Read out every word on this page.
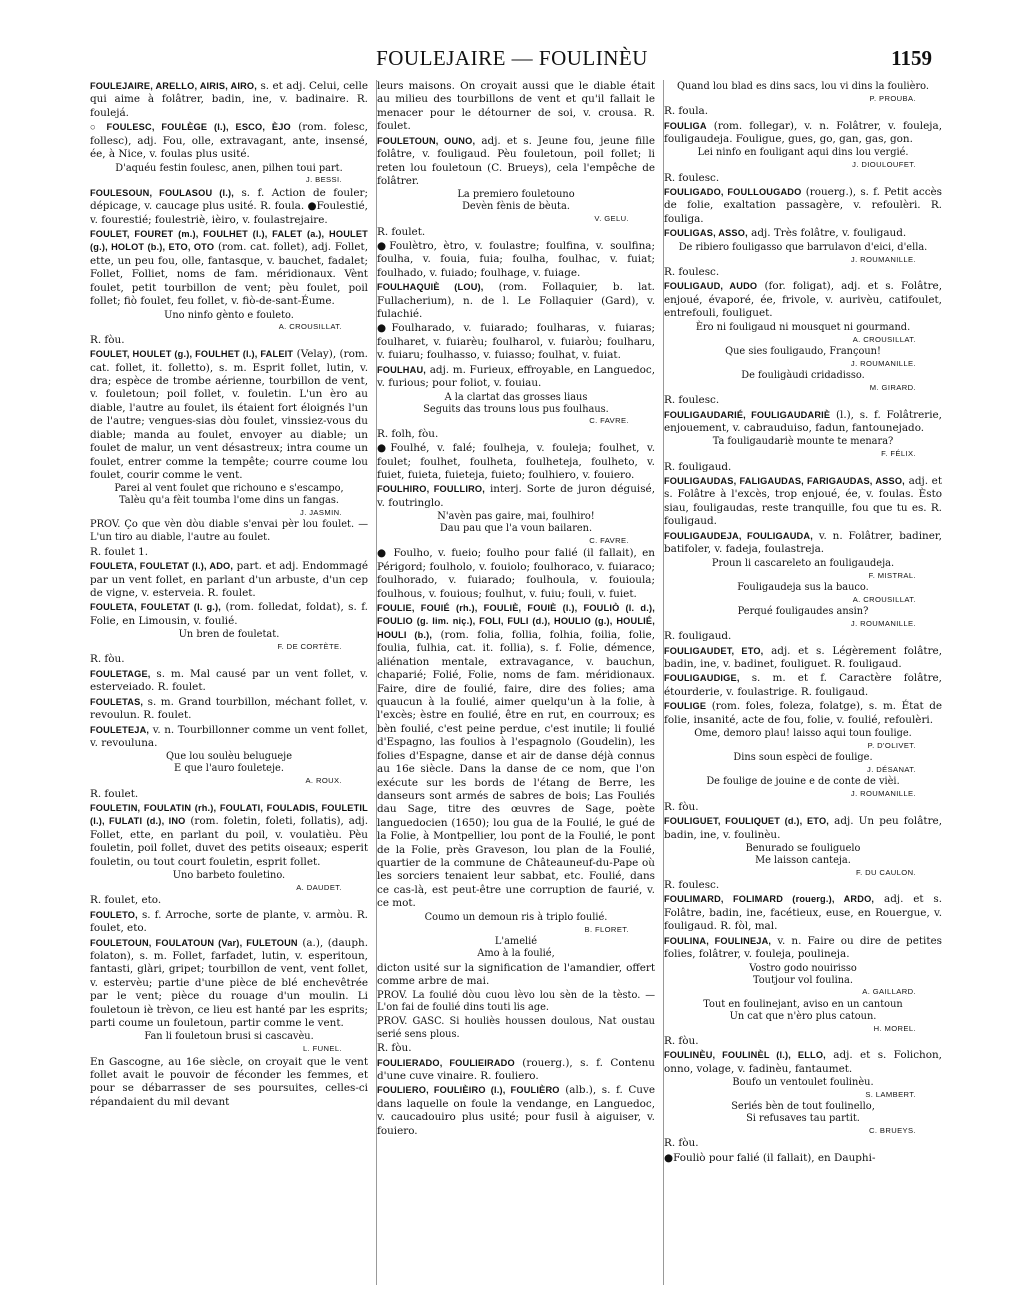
FOULEJAIRE — FOULINÈU	1159

FOULEJAIRE, ARELLO, AIRIS, AIRO, s. et adj. Celui, celle qui aime à folâtrer, badin, ine, v. badinaire. R. foulejá.

○ FOULESC, FOULÈGE (l.), ESCO, ÈJO (rom. folesc, follesc), adj. Fou, olle, extravagant, ante, insensé, ée, à Nice, v. foulas plus usité.

D'aquéu festin foulesc, anen, pilhen toui part.
J. BESSI.

FOULESOUN, FOULASOU (l.), s. f. Action de fouler; dépicage, v. caucage plus usité. R. foula. ●Foulestié, v. fourestié; foulestriè, ièiro, v. foulastrejaire.

FOULET, FOURET (m.), FOULHET (l.), FALET (a.), HOULET (g.), HOLOT (b.), ETO, OTO (rom. cat. follet), adj. Follet, ette, un peu fou, olle, fantasque, v. bauchet, fadalet; Follet, Folliet, noms de fam. méridionaux. Vènt foulet, petit tourbillon de vent; pèu foulet, poil follet; fiò foulet, feu follet, v. fiò-de-sant-Éume.

Uno ninfo gènto e fouleto.
A. CROUSILLAT.
R. fòu.

FOULET, HOULET (g.), FOULHET (l.), FALEIT (Velay), (rom. cat. follet, it. folletto), s. m. Esprit follet, lutin, v. dra; espèce de trombe aérienne, tourbillon de vent, v. fouletoun; poil follet, v. fouletin. L'un èro au diable, l'autre au foulet, ils étaient fort éloignés l'un de l'autre; vengues-sias dòu foulet, vinssiez-vous du diable; manda au foulet, envoyer au diable; un foulet de malur, un vent désastreux; intra coume un foulet, entrer comme la tempête; courre coume lou foulet, courir comme le vent.

Parei al vent foulet que richouno e s'escampo,
Talèu qu'a fèit toumba l'ome dins un fangas.
J. JASMIN.

PROV. Ço que vèn dòu diable s'envai pèr lou foulet. — L'un tiro au diable, l'autre au foulet.

R. foulet 1.

FOULETA, FOULETAT (l.), ADO, part. et adj. Endommagé par un vent follet, en parlant d'un arbuste, d'un cep de vigne, v. esterveia. R. foulet.

FOULETA, FOULETAT (l. g.), (rom. folledat, foldat), s. f. Folie, en Limousin, v. foulié.

Un bren de fouletat.
F. DE CORTÈTE.
R. fòu.

FOULETAGE, s. m. Mal causé par un vent follet, v. esterveiado. R. foulet.

FOULETAS, s. m. Grand tourbillon, méchant follet, v. revoulun. R. foulet.

FOULETEJA, v. n. Tourbillonner comme un vent follet, v. revouluna.

Que lou soulèu belugueje
E que l'auro fouleteje.
A. ROUX.
R. foulet.

FOULETIN, FOULATIN (rh.), FOULATI, FOULADIS, FOULETIL (l.), FULATI (d.), INO (rom. foletin, foleti, follatis), adj. Follet, ette, en parlant du poil, v. voulatièu. Pèu fouletin, poil follet, duvet des petits oiseaux; esperit fouletin, ou tout court fouletin, esprit follet.

Uno barbeto fouletino.
A. DAUDET.
R. foulet, eto.

FOULETO, s. f. Arroche, sorte de plante, v. armòu. R. foulet, eto.

FOULETOUN, FOULATOUN (Var), FULETOUN (a.), (dauph. folaton), s. m. Follet, farfadet, lutin, v. esperitoun, fantasti, glàri, gripet; tourbillon de vent, vent follet, v. estervèu; partie d'une pièce de blé enchevêtrée par le vent; pièce du rouage d'un moulin. Li fouletoun iè trèvon, ce lieu est hanté par les esprits; parti coume un fouletoun, partir comme le vent.

Fan li fouletoun brusi si cascavèu.
L. FUNEL.

En Gascogne, au 16e siècle, on croyait que le vent follet avait le pouvoir de féconder les femmes, et pour se débarrasser de ses poursuites, celles-ci répandaient du mil devant

leurs maisons. On croyait aussi que le diable était au milieu des tourbillons de vent et qu'il fallait le menacer pour le détourner de soi, v. crousa. R. foulet.

FOULETOUN, OUNO, adj. et s. Jeune fou, jeune fille folâtre, v. fouligaud. Pèu fouletoun, poil follet; li reten lou fouletoun (C. Brueys), cela l'empêche de folâtrer.

La premiero fouletouno
Devèn fènis de bèuta.
V. GELU.
R. foulet.

●Foulètro, ètro, v. foulastre; foulfina, v. soulfina; foulha, v. fouia, fuia; foulha, foulhac, v. fuiat; foulhado, v. fuiado; foulhage, v. fuiage.

FOULHAQUIÈ (LOU), (rom. Follaquier, b. lat. Fullacherium), n. de l. Le Follaquier (Gard), v. fulachié.

●Foulharado, v. fuiarado; foulharas, v. fuiaras; foulharet, v. fuiarèu; foulharol, v. fuiaròu; foulharu, v. fuiaru; foulhasso, v. fuiasso; foulhat, v. fuiat.

FOULHAU, adj. m. Furieux, effroyable, en Languedoc, v. furious; pour foliot, v. fouiau.

A la clartat das grosses liaus
Seguits das trouns lous pus foulhaus.
C. FAVRE.
R. folh, fòu.

●Foulhé, v. falé; foulheja, v. fouleja; foulhet, v. foulet; foulhet, foulheta, foulheteja, foulheto, v. fuiet, fuieta, fuieteja, fuieto; foulhiero, v. fouiero.

FOULHIRO, FOULLIRO, interj. Sorte de juron déguisé, v. foutringlo.

N'avèn pas gaire, mai, foulhiro!
Dau pau que l'a voun bailaren.
C. FAVRE.

● Foulho, v. fueio; foulho pour falié (il fallait), en Périgord; foulholo, v. fouiolo; foulhoraco, v. fuiaraco; foulhorado, v. fuiarado; foulhoula, v. fouioula; foulhous, v. fouious; foulhut, v. fuiu; fouli, v. fuiet.

FOULIE, FOUIÉ (rh.), FOULIÈ, FOUIÈ (l.), FOULIÒ (l. d.), FOULIO (g. lim. niç.), FOLI, FULI (d.), HOULIO (g.), HOULIÉ, HOULI (b.), (rom. folia, follia, folhia, foilia, folie, foulia, fulhia, cat. it. follia), s. f. Folie, démence, aliénation mentale, extravagance, v. bauchun, chaparié; Folié, Folie, noms de fam. méridionaux. Faire, dire de foulié, faire, dire des folies; ama quaucun à la foulié, aimer quelqu'un à la folie, à l'excès; èstre en foulié, être en rut, en courroux; es bèn foulié, c'est peine perdue, c'est inutile; li foulié d'Espagno, las foulios à l'espagnolo (Goudelin), les folies d'Espagne, danse et air de danse déjà connus au 16e siècle. Dans la danse de ce nom, que l'on exécute sur les bords de l'étang de Berre, les danseurs sont armés de sabres de bois; Las Fouliés dau Sage, titre des œuvres de Sage, poète languedocien (1650); lou gua de la Foulié, le gué de la Folie, à Montpellier, lou pont de la Foulié, le pont de la Folie, près Graveson, lou plan de la Foulié, quartier de la commune de Châteauneuf-du-Pape où les sorciers tenaient leur sabbat, etc. Foulié, dans ce cas-là, est peut-être une corruption de faurié, v. ce mot.

Coumo un demoun ris à triplo foulié.
B. FLORET.
L'amelié
Amo à la foulié,

dicton usité sur la signification de l'amandier, offert comme arbre de mai.

PROV. La foulié dòu cuou lèvo lou sèn de la tèsto. — L'on fai de foulié dins touti lis age.

PROV. GASC. Si houliès houssen doulous, Nat oustau serié sens plous.

R. fòu.

FOULIERADO, FOULIEIRADO (rouerg.), s. f. Contenu d'une cuve vinaire. R. fouliero.

FOULIERO, FOULIÈIRO (l.), FOULIÈRO (alb.), s. f. Cuve dans laquelle on foule la vendange, en Languedoc, v. caucadouiro plus usité; pour fusil à aiguiser, v. fouiero.

Quand lou blad es dins sacs, lou vi dins la foulièro.
P. PROUBA.
R. foula.

FOULIGA (rom. follegar), v. n. Folâtrer, v. fouleja, fouligaudeja. Fouligue, gues, go, gan, gas, gon.

Lei ninfo en fouligant aqui dins lou vergié.
J. DIOULOUFET.
R. foulesc.

FOULIGADO, FOULLOUGADO (rouerg.), s. f. Petit accès de folie, exaltation passagère, v. refoulèri. R. fouliga.

FOULIGAS, ASSO, adj. Très folâtre, v. fouligaud.

De ribiero fouligasso que barrulavon d'eici, d'ella.
J. ROUMANILLE.
R. foulesc.

FOULIGAUD, AUDO (for. foligat), adj. et s. Folâtre, enjoué, évaporé, ée, frivole, v. aurivèu, catifoulet, entrefouli, fouliguet.

Èro ni fouligaud ni mousquet ni gourmand.
A. CROUSILLAT.
Que sies fouligaudo, Françoun!
J. ROUMANILLE.
De fouligàudi cridadisso.
M. GIRARD.
R. foulesc.

FOULIGAUDARIÉ, FOULIGAUDARIÈ (l.), s. f. Folâtrerie, enjouement, v. cabrauduiso, fadun, fantounejado.

Ta fouligaudariè mounte te menara?
F. FÉLIX.
R. fouligaud.

FOULIGAUDAS, FALIGAUDAS, FARIGAUDAS, ASSO, adj. et s. Folâtre à l'excès, trop enjoué, ée, v. foulas. Èsto siau, fouligaudas, reste tranquille, fou que tu es. R. fouligaud.

FOULIGAUDEJA, FOULIGAUDA, v. n. Folâtrer, badiner, batifoler, v. fadeja, foulastreja.

Proun li cascareleto an fouligaudeja.
F. MISTRAL.
Fouligaudeja sus la bauco.
A. CROUSILLAT.
Perqué fouligaudes ansin?
J. ROUMANILLE.
R. fouligaud.

FOULIGAUDET, ETO, adj. et s. Légèrement folâtre, badin, ine, v. badinet, fouliguet. R. fouligaud.

FOULIGAUDIGE, s. m. et f. Caractère folâtre, étourderie, v. foulastrige. R. fouligaud.

FOULIGE (rom. foles, foleza, folatge), s. m. État de folie, insanité, acte de fou, folie, v. foulié, refoulèri.

Ome, demoro plau! laisso aqui toun foulige.
P. D'OLIVET.
Dins soun espèci de foulige.
J. DÉSANAT.
De foulige de jouine e de conte de vièi.
J. ROUMANILLE.
R. fòu.

FOULIGUET, FOULIQUET (d.), ETO, adj. Un peu folâtre, badin, ine, v. foulinèu.

Benurado se fouliguelo
Me laisson canteja.
F. DU CAULON.
R. foulesc.

FOULIMARD, FOLIMARD (rouerg.), ARDO, adj. et s. Folâtre, badin, ine, facétieux, euse, en Rouergue, v. fouligaud. R. fòl, mal.

FOULINA, FOULINEJA, v. n. Faire ou dire de petites folies, folâtrer, v. fouleja, poulineja.

Vostro godo nouirisso
Toutjour vol foulina.
A. GAILLARD.
Tout en foulinejant, aviso en un cantoun
Un cat que n'èro plus catoun.
H. MOREL.
R. fòu.

FOULINÈU, FOULINÈL (l.), ELLO, adj. et s. Folichon, onno, volage, v. fadinèu, fantaumet.

Boufo un ventoulet foulinèu.
S. LAMBERT.
Seriés bèn de tout foulinello,
Si refusaves tau partit.
C. BRUEYS.
R. fòu.

●Fouliò pour falié (il fallait), en Dauphi-
